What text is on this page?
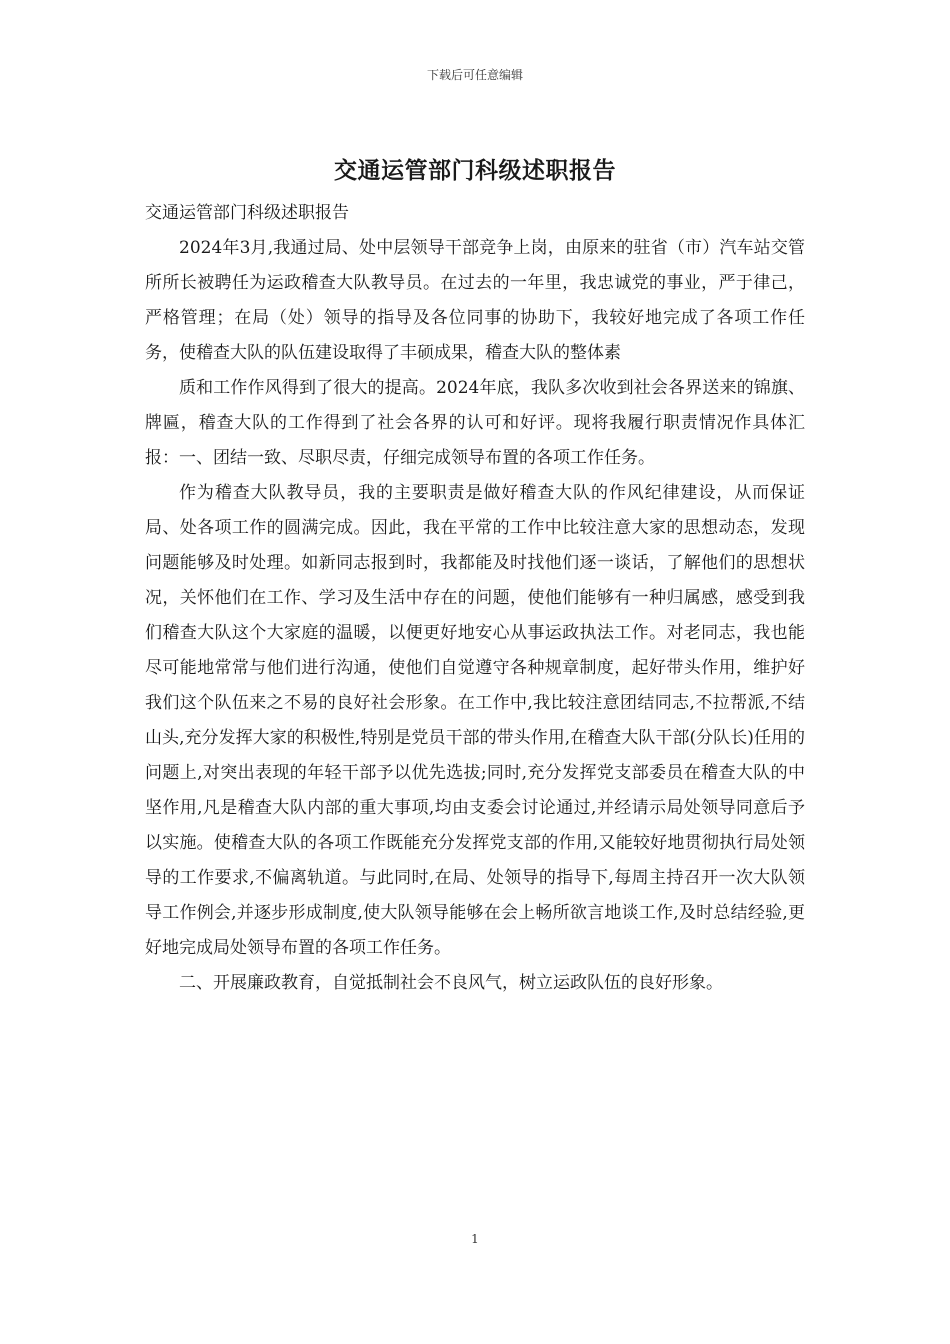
下载后可任意编辑
交通运管部门科级述职报告

交通运管部门科级述职报告

2024年3月,我通过局、处中层领导干部竞争上岗，由原来的驻省（市）汽车站交管所所长被聘任为运政稽查大队教导员。在过去的一年里，我忠诚党的事业，严于律己，严格管理；在局（处）领导的指导及各位同事的协助下，我较好地完成了各项工作任务，使稽查大队的队伍建设取得了丰硕成果，稽查大队的整体素

质和工作作风得到了很大的提高。2024年底，我队多次收到社会各界送来的锦旗、牌匾，稽查大队的工作得到了社会各界的认可和好评。现将我履行职责情况作具体汇报：一、团结一致、尽职尽责，仔细完成领导布置的各项工作任务。

作为稽查大队教导员，我的主要职责是做好稽查大队的作风纪律建设，从而保证局、处各项工作的圆满完成。因此，我在平常的工作中比较注意大家的思想动态，发现问题能够及时处理。如新同志报到时，我都能及时找他们逐一谈话，了解他们的思想状况，关怀他们在工作、学习及生活中存在的问题，使他们能够有一种归属感，感受到我们稽查大队这个大家庭的温暖，以便更好地安心从事运政执法工作。对老同志，我也能尽可能地常常与他们进行沟通，使他们自觉遵守各种规章制度，起好带头作用，维护好我们这个队伍来之不易的良好社会形象。在工作中,我比较注意团结同志,不拉帮派,不结山头,充分发挥大家的积极性,特别是党员干部的带头作用,在稽查大队干部(分队长)任用的问题上,对突出表现的年轻干部予以优先选拔;同时,充分发挥党支部委员在稽查大队的中坚作用,凡是稽查大队内部的重大事项,均由支委会讨论通过,并经请示局处领导同意后予以实施。使稽查大队的各项工作既能充分发挥党支部的作用,又能较好地贯彻执行局处领导的工作要求,不偏离轨道。与此同时,在局、处领导的指导下,每周主持召开一次大队领导工作例会,并逐步形成制度,使大队领导能够在会上畅所欲言地谈工作,及时总结经验,更好地完成局处领导布置的各项工作任务。

二、开展廉政教育，自觉抵制社会不良风气，树立运政队伍的良好形象。

1
